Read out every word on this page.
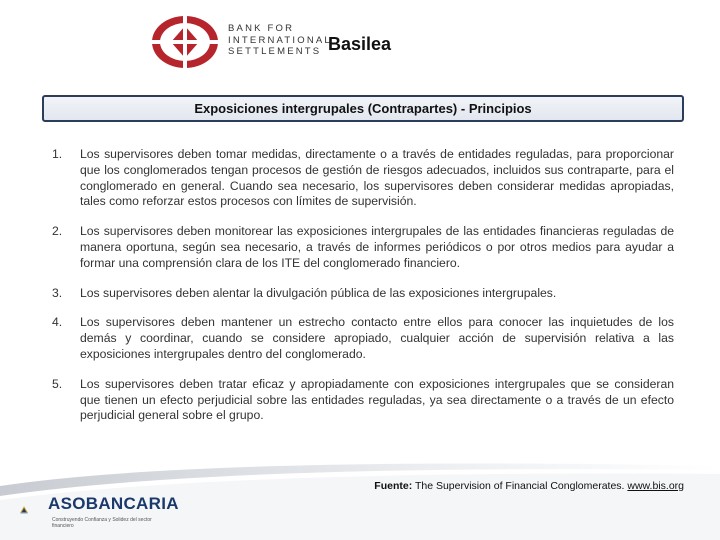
BANK FOR
INTERNATIONAL
SETTLEMENTS Basilea
Exposiciones intergrupales (Contrapartes) - Principios
1.	Los supervisores deben tomar medidas, directamente o a través de entidades reguladas, para proporcionar que los conglomerados tengan procesos de gestión de riesgos adecuados, incluidos sus contraparte, para el conglomerado en general. Cuando sea necesario, los supervisores deben considerar medidas apropiadas, tales como reforzar estos procesos con límites de supervisión.
2.	Los supervisores deben monitorear las exposiciones intergrupales de las entidades financieras reguladas de manera oportuna, según sea necesario, a través de informes periódicos o por otros medios para ayudar a formar una comprensión clara de los ITE del conglomerado financiero.
3.	Los supervisores deben alentar la divulgación pública de las exposiciones intergrupales.
4.	Los supervisores deben mantener un estrecho contacto entre ellos para conocer las inquietudes de los demás y coordinar, cuando se considere apropiado, cualquier acción de supervisión relativa a las exposiciones intergrupales dentro del conglomerado.
5.	Los supervisores deben tratar eficaz y apropiadamente con exposiciones intergrupales que se consideran que tienen un efecto perjudicial sobre las entidades reguladas, ya sea directamente o a través de un efecto perjudicial general sobre el grupo.
ASOBANCARIA
Construyendo Confianza y Solidez del sector financiero
Fuente: The Supervision of Financial Conglomerates. www.bis.org
